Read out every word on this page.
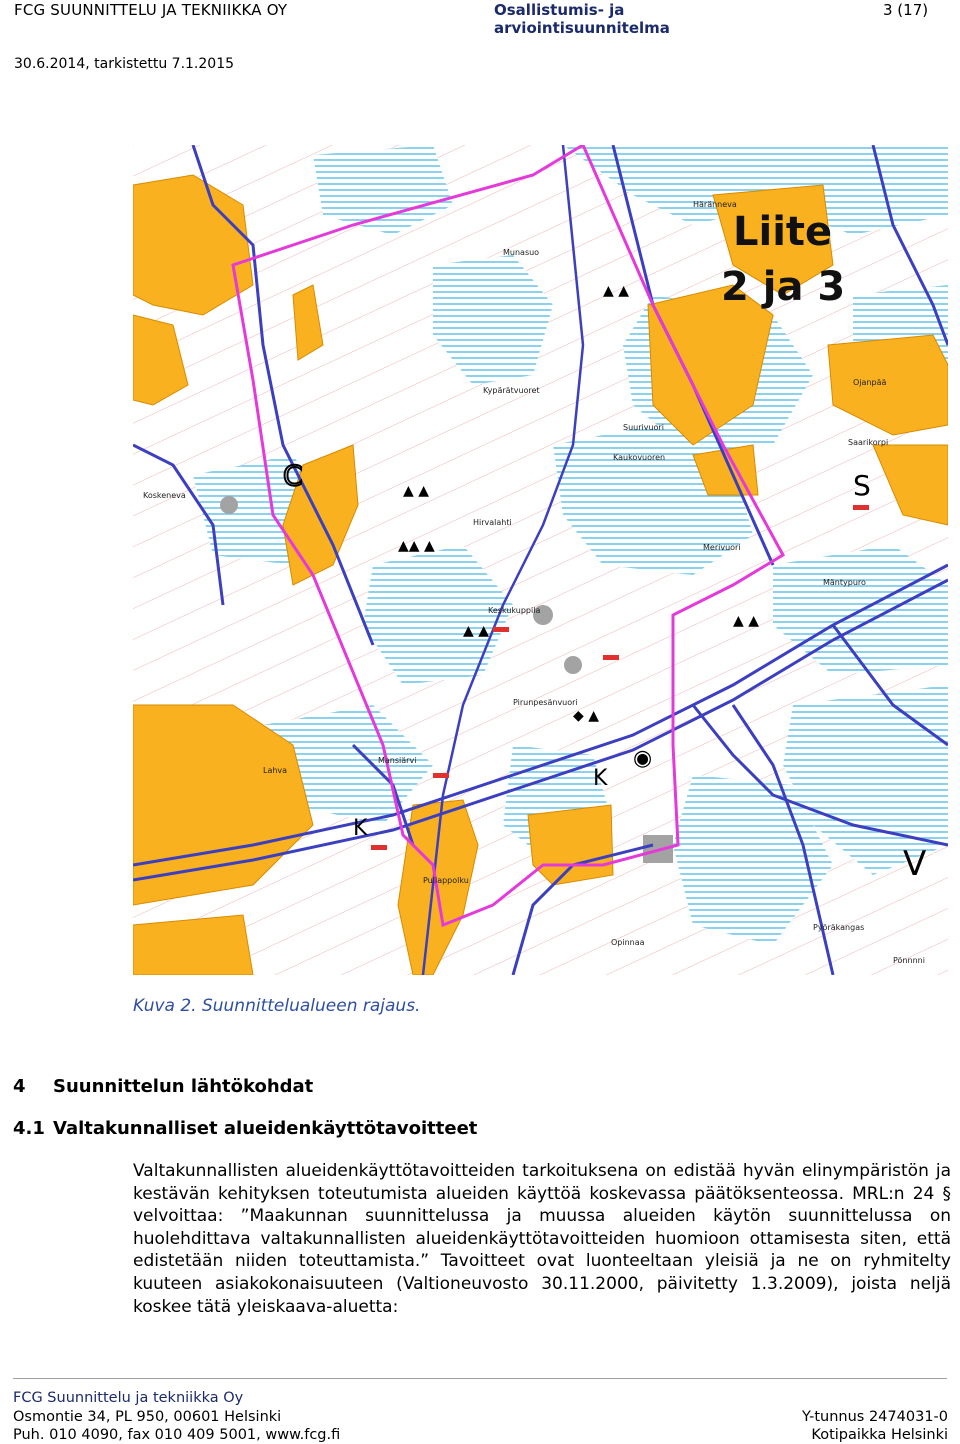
FCG SUUNNITTELU JA TEKNIIKKA OY	Osallistumis- ja
arviointisuunnitelma
3 (17)
30.6.2014, tarkistettu 7.1.2015
▲ ▲
▲ ▲
▲▲ ▲
▲ ▲
◆ ▲
▲ ▲
C
◉
S
V
K
K
Liite
2 ja 3
Häränneva
Munasuo
Kypärätvuoret
Suurivuori
Kaukovuoren
Merivuori
Pirunpesänvuori
Mäntypuro
Pullappolku
Opinnaa
Pyöräkangas
Pönnnni
Lahva
Koskeneva
Keskukuppila
Mansiärvi
Saarikorpi
Ojanpää
Hirvalahti
Kuva 2. Suunnittelualueen rajaus.
4 Suunnittelun lähtökohdat
4.1 Valtakunnalliset alueidenkäyttötavoitteet
Valtakunnallisten alueidenkäyttötavoitteiden tarkoituksena on edistää hyvän elinympäristön ja kestävän kehityksen toteutumista alueiden käyttöä koskevassa päätöksenteossa. MRL:n 24 § velvoittaa: ”Maakunnan suunnittelussa ja muussa alueiden käytön suunnittelussa on huolehdittava valtakunnallisten alueidenkäyttötavoitteiden huomioon ottamisesta siten, että edistetään niiden toteuttamista.” Tavoitteet ovat luonteeltaan yleisiä ja ne on ryhmitelty kuuteen asiakokonaisuuteen (Valtioneuvosto 30.11.2000, päivitetty 1.3.2009), joista neljä koskee tätä yleiskaava-aluetta:
FCG Suunnittelu ja tekniikka Oy
Osmontie 34, PL 950, 00601 Helsinki
Puh. 010 4090, fax 010 409 5001, www.fcg.fi
Y-tunnus 2474031-0
Kotipaikka Helsinki
